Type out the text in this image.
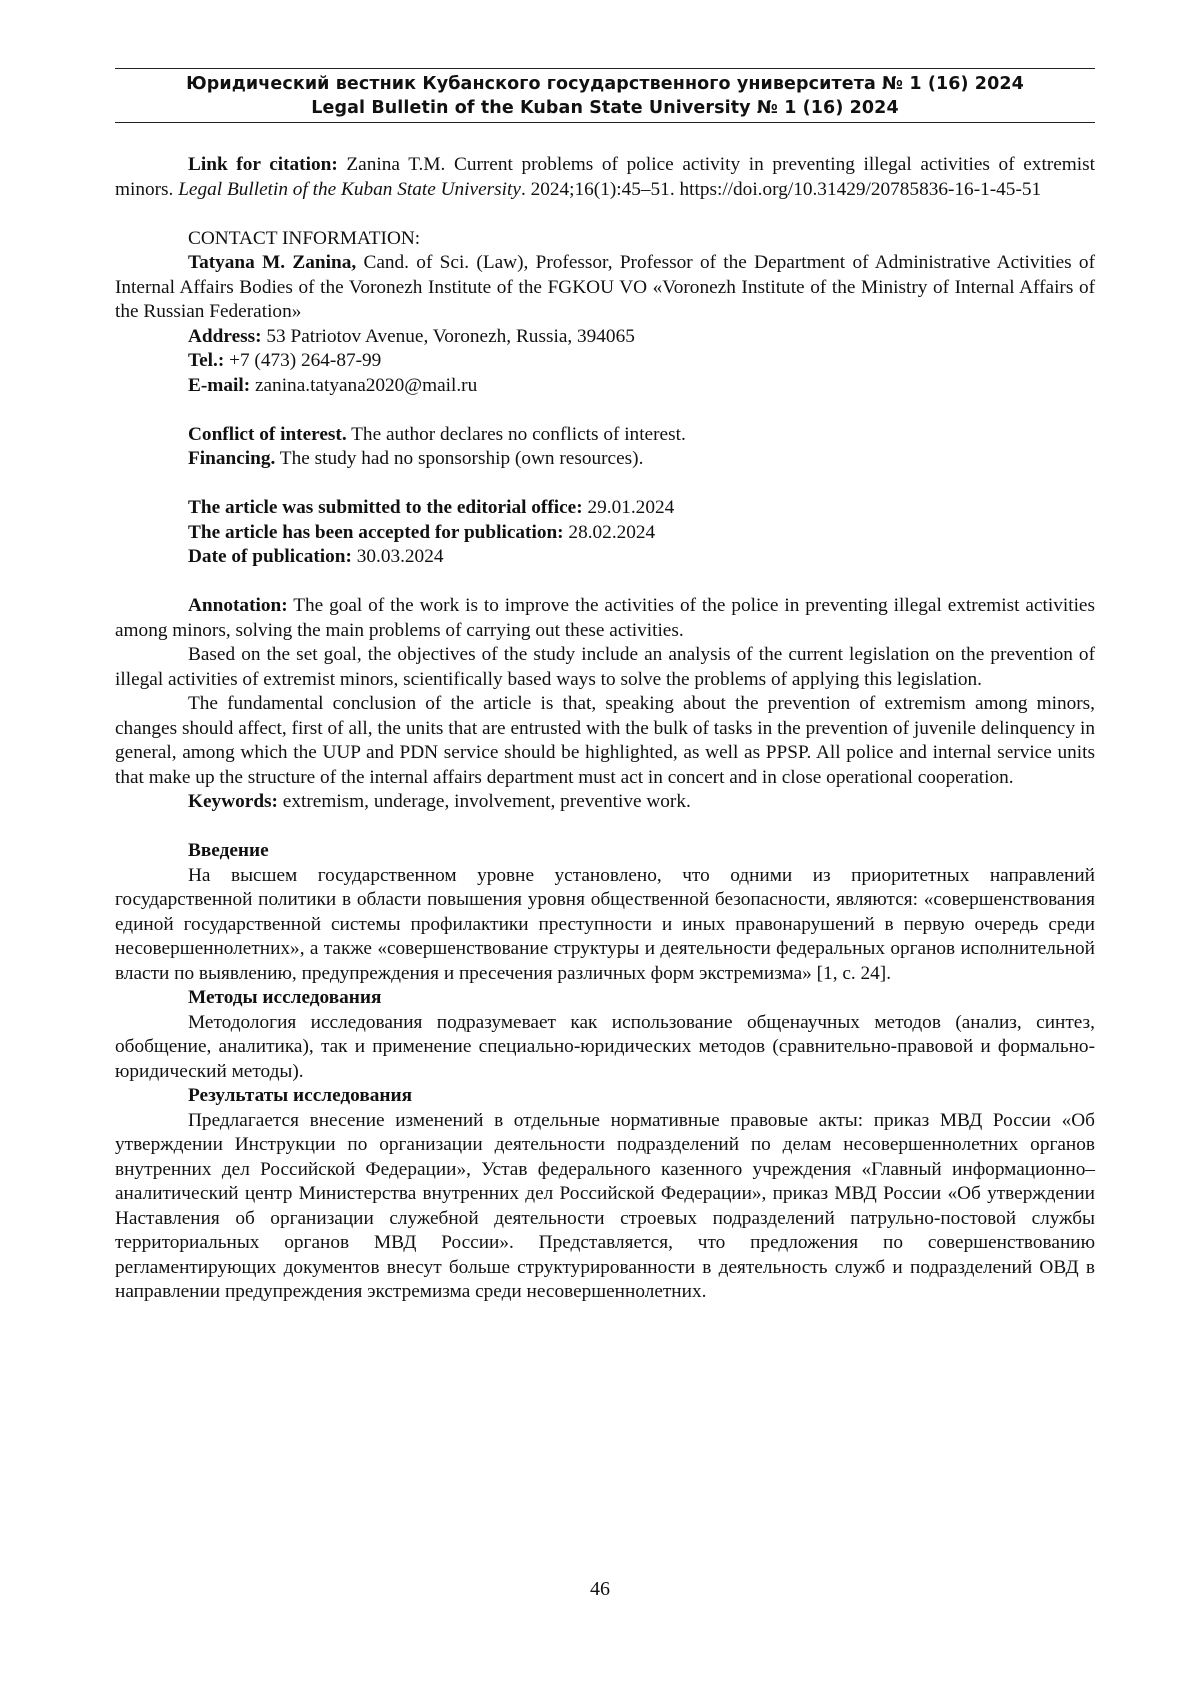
Юридический вестник Кубанского государственного университета № 1 (16) 2024
Legal Bulletin of the Kuban State University № 1 (16) 2024

Link for citation: Zanina T.M. Current problems of police activity in preventing illegal activities of extremist minors. Legal Bulletin of the Kuban State University. 2024;16(1):45–51. https://doi.org/10.31429/20785836-16-1-45-51

CONTACT INFORMATION:

Tatyana M. Zanina, Cand. of Sci. (Law), Professor, Professor of the Department of Administrative Activities of Internal Affairs Bodies of the Voronezh Institute of the FGKOU VO «Voronezh Institute of the Ministry of Internal Affairs of the Russian Federation»

Address: 53 Patriotov Avenue, Voronezh, Russia, 394065

Tel.: +7 (473) 264-87-99

E-mail: zanina.tatyana2020@mail.ru

Conflict of interest. The author declares no conflicts of interest.

Financing. The study had no sponsorship (own resources).

The article was submitted to the editorial office: 29.01.2024

The article has been accepted for publication: 28.02.2024

Date of publication: 30.03.2024

Annotation: The goal of the work is to improve the activities of the police in preventing illegal extremist activities among minors, solving the main problems of carrying out these activities.

Based on the set goal, the objectives of the study include an analysis of the current legislation on the prevention of illegal activities of extremist minors, scientifically based ways to solve the problems of applying this legislation.

The fundamental conclusion of the article is that, speaking about the prevention of extremism among minors, changes should affect, first of all, the units that are entrusted with the bulk of tasks in the prevention of juvenile delinquency in general, among which the UUP and PDN service should be highlighted, as well as PPSP. All police and internal service units that make up the structure of the internal affairs department must act in concert and in close operational cooperation.

Keywords: extremism, underage, involvement, preventive work.

Введение

На высшем государственном уровне установлено, что одними из приоритетных направлений государственной политики в области повышения уровня общественной безопасности, являются: «совершенствования единой государственной системы профилактики преступности и иных правонарушений в первую очередь среди несовершеннолетних», а также «совершенствование структуры и деятельности федеральных органов исполнительной власти по выявлению, предупреждения и пресечения различных форм экстремизма» [1, с. 24].

Методы исследования

Методология исследования подразумевает как использование общенаучных методов (анализ, синтез, обобщение, аналитика), так и применение специально-юридических методов (сравнительно-правовой и формально-юридический методы).

Результаты исследования

Предлагается внесение изменений в отдельные нормативные правовые акты: приказ МВД России «Об утверждении Инструкции по организации деятельности подразделений по делам несовершеннолетних органов внутренних дел Российской Федерации», Устав федерального казенного учреждения «Главный информационно–аналитический центр Министерства внутренних дел Российской Федерации», приказ МВД России «Об утверждении Наставления об организации служебной деятельности строевых подразделений патрульно-постовой службы территориальных органов МВД России». Представляется, что предложения по совершенствованию регламентирующих документов внесут больше структурированности в деятельность служб и подразделений ОВД в направлении предупреждения экстремизма среди несовершеннолетних.

46
